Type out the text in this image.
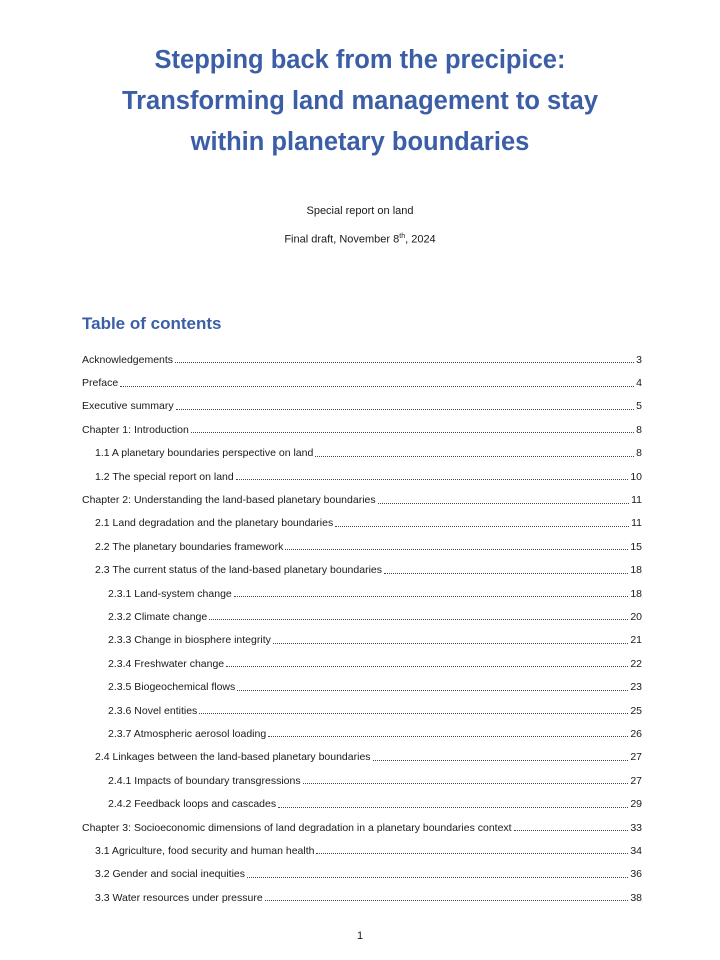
Stepping back from the precipice:
Transforming land management to stay
within planetary boundaries

Special report on land

Final draft, November 8th, 2024

Table of contents
Acknowledgements	3
Preface	4
Executive summary	5
Chapter 1: Introduction	8
1.1 A planetary boundaries perspective on land	8
1.2 The special report on land	10
Chapter 2: Understanding the land-based planetary boundaries	11
2.1 Land degradation and the planetary boundaries	11
2.2 The planetary boundaries framework	15
2.3 The current status of the land-based planetary boundaries	18
2.3.1 Land-system change	18
2.3.2 Climate change	20
2.3.3 Change in biosphere integrity	21
2.3.4 Freshwater change	22
2.3.5 Biogeochemical flows	23
2.3.6 Novel entities	25
2.3.7 Atmospheric aerosol loading	26
2.4 Linkages between the land-based planetary boundaries	27
2.4.1 Impacts of boundary transgressions	27
2.4.2 Feedback loops and cascades	29
Chapter 3: Socioeconomic dimensions of land degradation in a planetary boundaries context	33
3.1 Agriculture, food security and human health	34
3.2 Gender and social inequities	36
3.3 Water resources under pressure	38

1
